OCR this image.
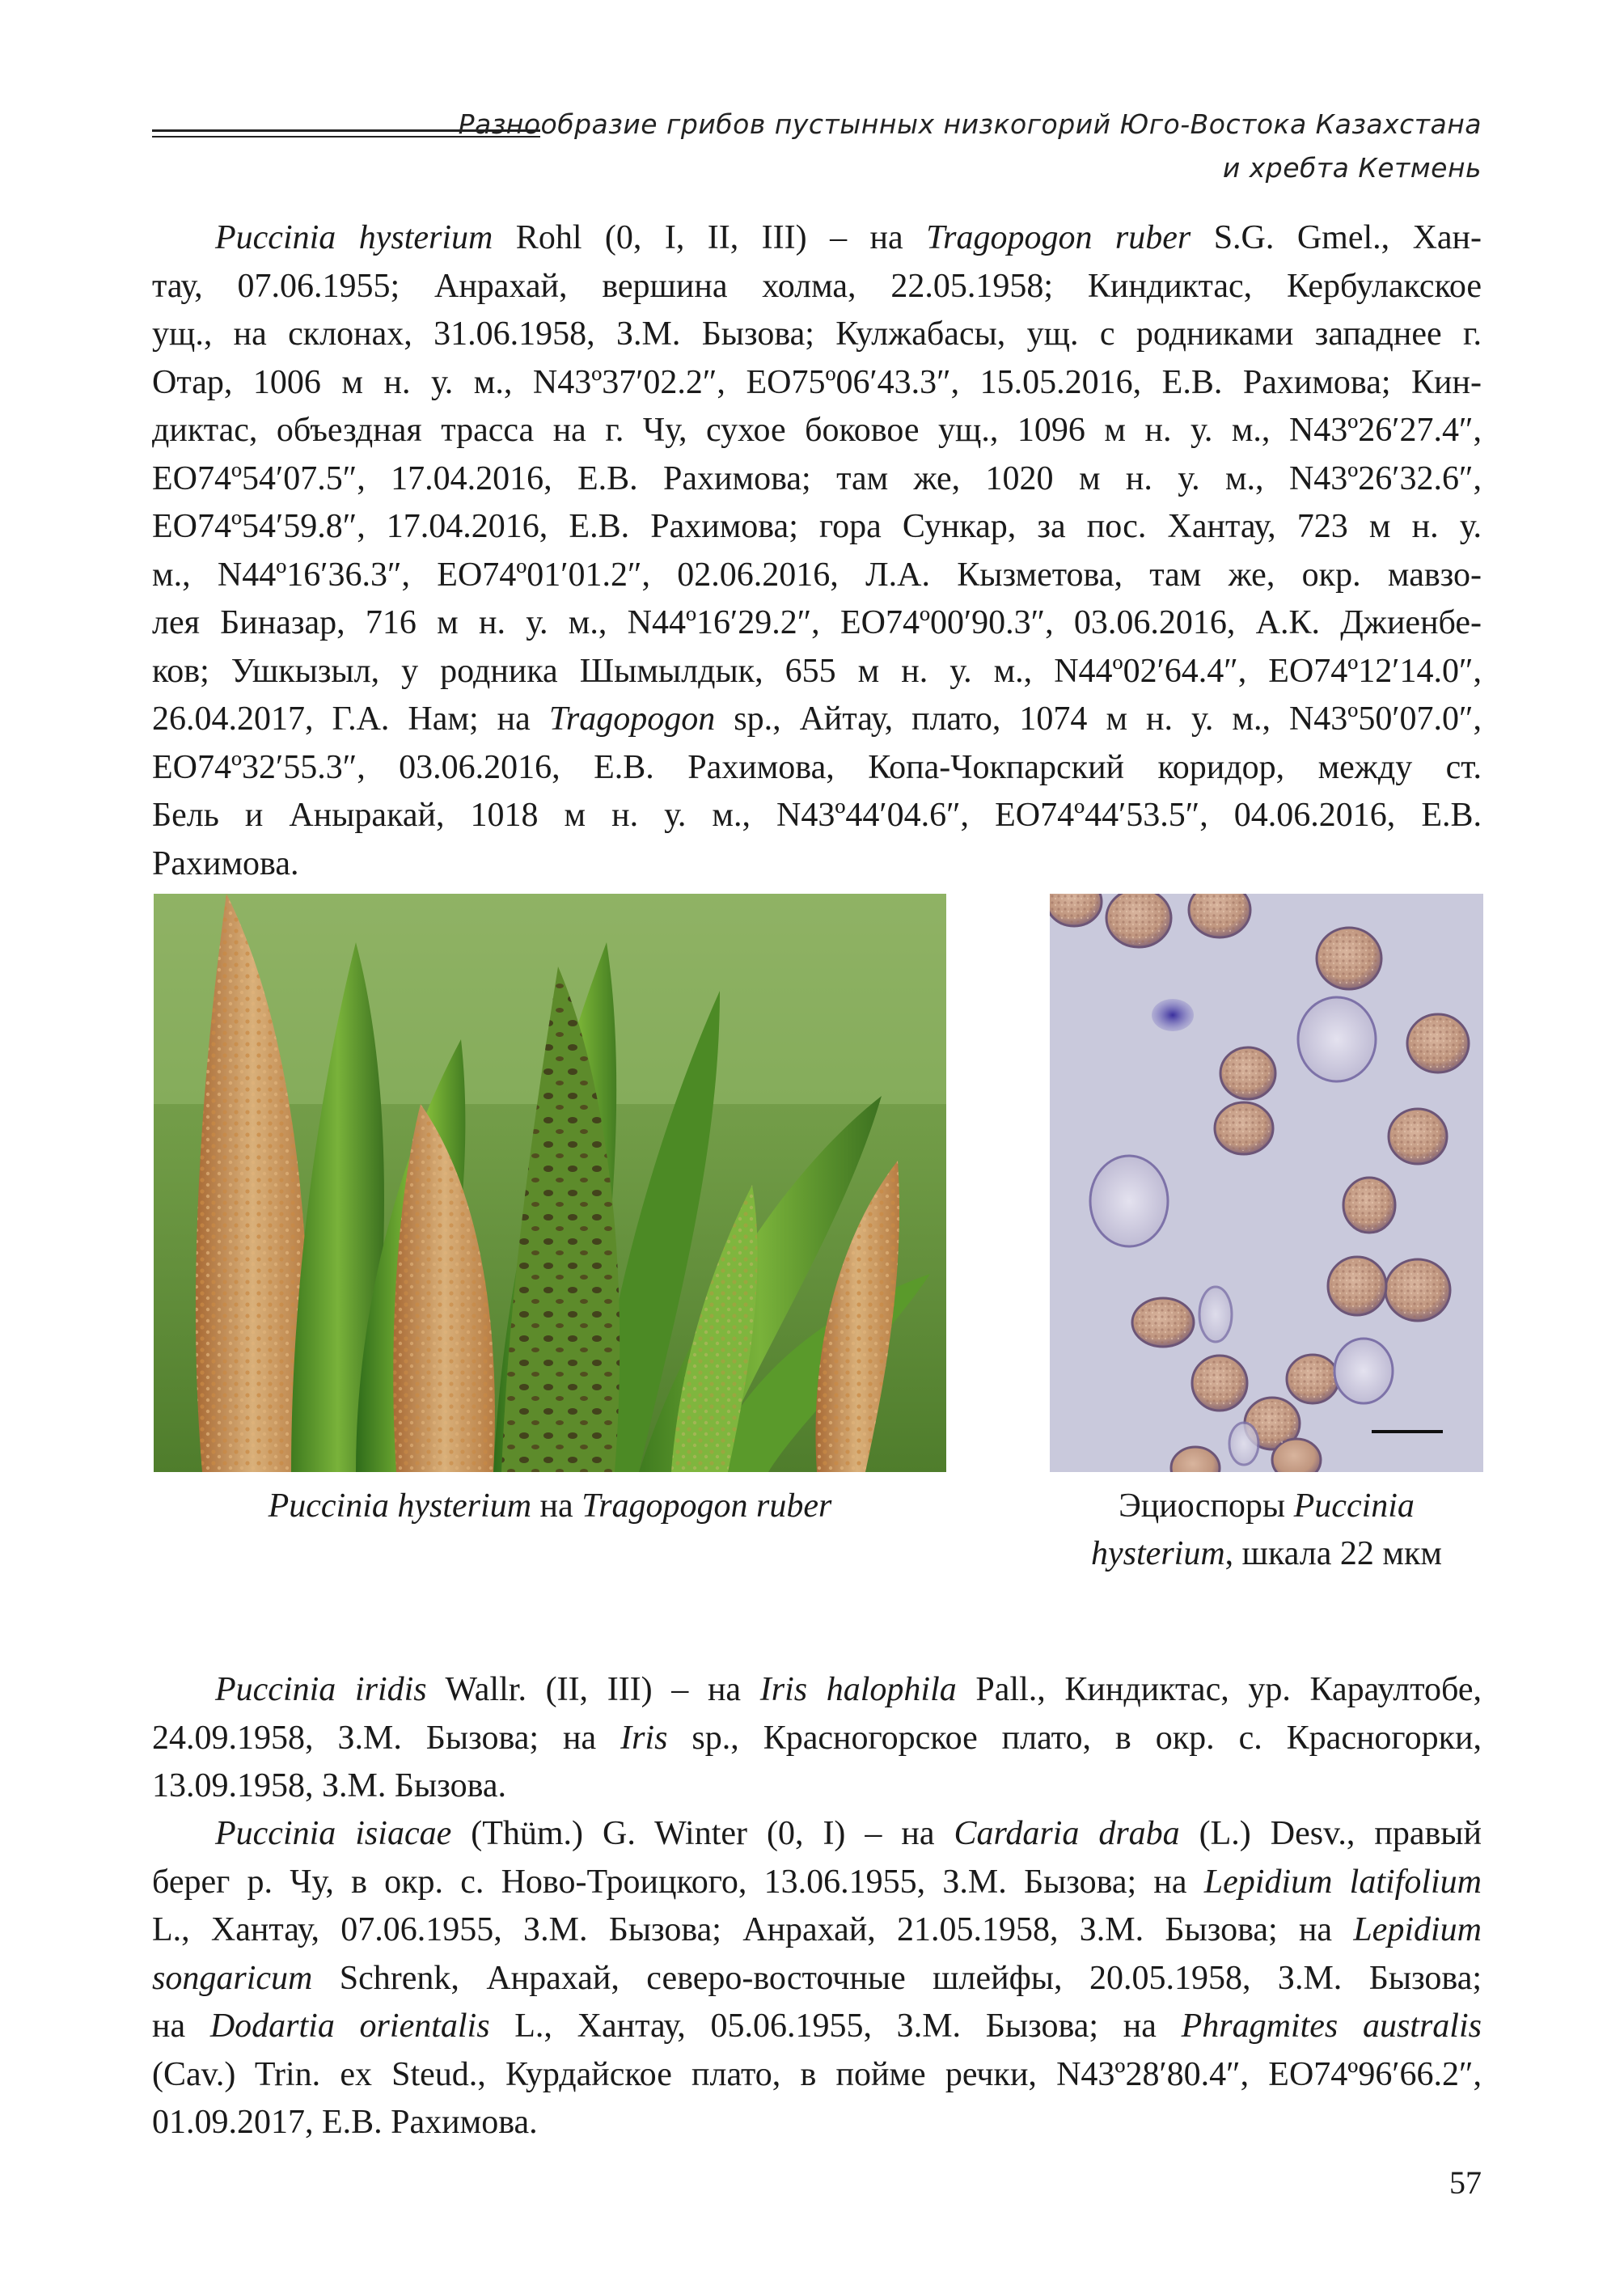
Разнообразие грибов пустынных низкогорий Юго-Востока Казахстана
и хребта Кетмень
Puccinia hysterium Rohl (0, I, II, III) – на Tragopogon ruber S.G. Gmel., Хан-
тау, 07.06.1955; Анрахай, вершина холма, 22.05.1958; Киндиктас, Кербулакское
ущ., на склонах, 31.06.1958, З.М. Бызова; Кулжабасы, ущ. с родниками западнее г.
Отар, 1006 м н. у. м., N43º37′02.2″, ЕO75º06′43.3″, 15.05.2016, Е.В. Рахимова; Кин-
диктас, объездная трасса на г. Чу, сухое боковое ущ., 1096 м н. у. м., N43º26′27.4″,
ЕO74º54′07.5″, 17.04.2016, Е.В. Рахимова; там же, 1020 м н. у. м., N43º26′32.6″,
ЕO74º54′59.8″, 17.04.2016, Е.В. Рахимова; гора Сункар, за пос. Хантау, 723 м н. у.
м., N44º16′36.3″, ЕO74º01′01.2″, 02.06.2016, Л.А. Кызметова, там же, окр. мавзо-
лея Биназар, 716 м н. у. м., N44º16′29.2″, ЕO74º00′90.3″, 03.06.2016, А.К. Джиенбе-
ков; Ушкызыл, у родника Шымылдык, 655 м н. у. м., N44º02′64.4″, ЕO74º12′14.0″,
26.04.2017, Г.А. Нам; на Tragopogon sp., Айтау, плато, 1074 м н. у. м., N43º50′07.0″,
ЕO74º32′55.3″, 03.06.2016, Е.В. Рахимова, Копа-Чокпарский коридор, между ст.
Бель и Аныракай, 1018 м н. у. м., N43º44′04.6″, ЕO74º44′53.5″, 04.06.2016, Е.В.
Рахимова.
Puccinia hysterium на Tragopogon ruber	Эциоспоры Puccinia
hysterium, шкала 22 мкм
Puccinia iridis Wallr. (II, III) – на Iris halophila Pall., Киндиктас, ур. Караултобе,
24.09.1958, З.М. Бызова; на Iris sp., Красногорское плато, в окр. с. Красногорки,
13.09.1958, З.М. Бызова.
Puccinia isiacae (Thüm.) G. Winter (0, I) – на Cardaria draba (L.) Desv., правый
берег р. Чу, в окр. с. Ново-Троицкого, 13.06.1955, З.М. Бызова; на Lepidium latifolium
L., Хантау, 07.06.1955, З.М. Бызова; Анрахай, 21.05.1958, З.М. Бызова; на Lepidium
songaricum Schrenk, Анрахай, северо-восточные шлейфы, 20.05.1958, З.М. Бызова;
на Dodartia orientalis L., Хантау, 05.06.1955, З.М. Бызова; на Phragmites australis
(Cav.) Trin. ex Steud., Курдайское плато, в пойме речки, N43º28′80.4″, ЕO74º96′66.2″,
01.09.2017, Е.В. Рахимова.
57
